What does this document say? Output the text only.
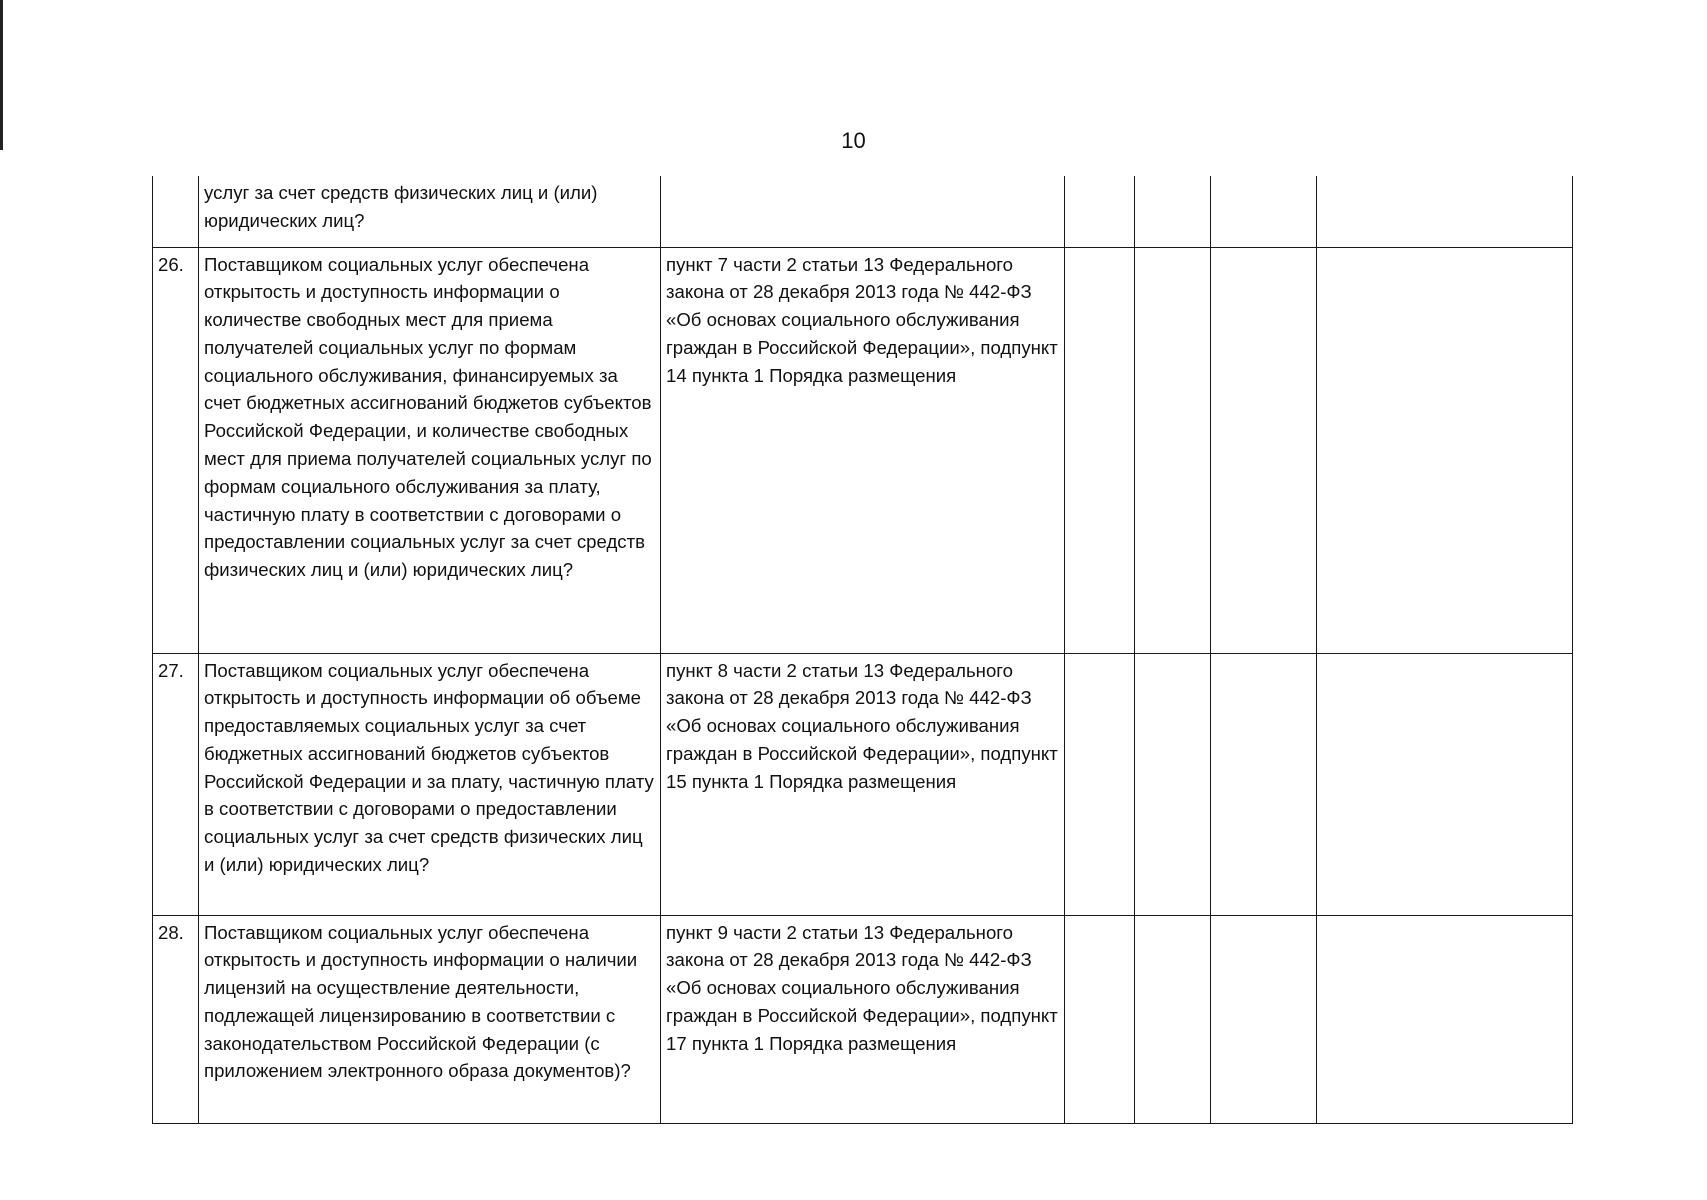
10
	услуг за счет средств физических лиц и (или) юридических лиц?					
26.	Поставщиком социальных услуг обеспечена открытость и доступность информации о количестве свободных мест для приема получателей социальных услуг по формам социального обслуживания, финансируемых за счет бюджетных ассигнований бюджетов субъектов Российской Федерации, и количестве свободных мест для приема получателей социальных услуг по формам социального обслуживания за плату, частичную плату в соответствии с договорами о предоставлении социальных услуг за счет средств физических лиц и (или) юридических лиц?	пункт 7 части 2 статьи 13 Федерального закона от 28 декабря 2013 года № 442-ФЗ «Об основах социального обслуживания граждан в Российской Федерации», подпункт 14 пункта 1 Порядка размещения				
27.	Поставщиком социальных услуг обеспечена открытость и доступность информации об объеме предоставляемых социальных услуг за счет бюджетных ассигнований бюджетов субъектов Российской Федерации и за плату, частичную плату в соответствии с договорами о предоставлении социальных услуг за счет средств физических лиц и (или) юридических лиц?	пункт 8 части 2 статьи 13 Федерального закона от 28 декабря 2013 года № 442-ФЗ «Об основах социального обслуживания граждан в Российской Федерации», подпункт 15 пункта 1 Порядка размещения				
28.	Поставщиком социальных услуг обеспечена открытость и доступность информации о наличии лицензий на осуществление деятельности, подлежащей лицензированию в соответствии с законодательством Российской Федерации (с приложением электронного образа документов)?	пункт 9 части 2 статьи 13 Федерального закона от 28 декабря 2013 года № 442-ФЗ «Об основах социального обслуживания граждан в Российской Федерации», подпункт 17 пункта 1 Порядка размещения				
